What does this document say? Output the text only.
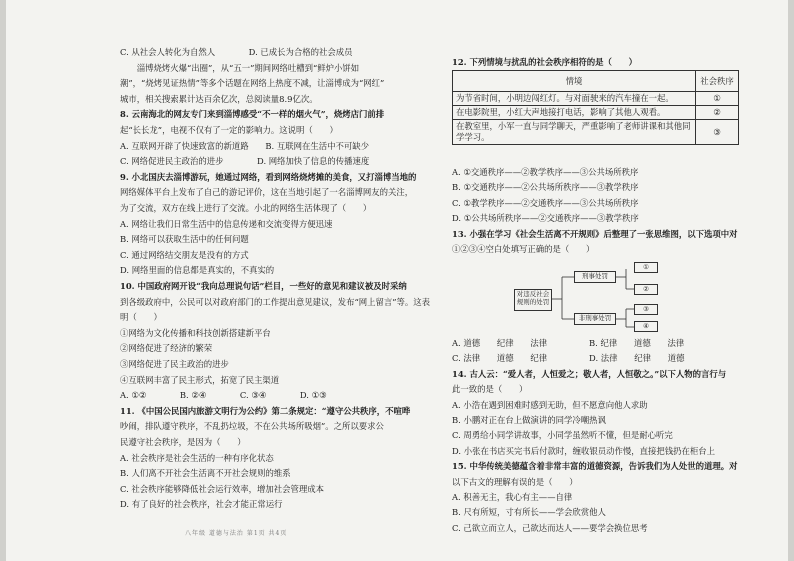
C. 从社会人转化为自然人　　　　D. 已成长为合格的社会成员
　　淄博烧烤火爆“出圈”，从“五一”期间网络吐槽到“鲜炉小饼如
潮”，“烧烤见证热情”等多个话题在网络上热度不减，让淄博成为“网红”
城市，相关搜索累计达百余亿次，总阅读量8.9亿次。
8. 云南海北的网友专门来到淄博感受“不一样的烟火气”，烧烤店门前排
起“长长龙”，电视不仅有了一定的影响力。这说明（　　）
A. 互联网开辟了快速致富的新道路　　B. 互联网在生活中不可缺少
C. 网络促进民主政治的进步　　　　D. 网络加快了信息的传播速度
9. 小北国庆去淄博游玩，她通过网络，看到网络烧烤摊的美食，又打淄博当地的
网络媒体平台上发布了自己的游记评价，这在当地引起了一名淄博网友的关注，
为了交流，双方在线上进行了交流。小北的网络生活体现了（　　）
A. 网络让我们日常生活中的信息传递和交流变得方便迅速
B. 网络可以获取生活中的任何问题
C. 通过网络结交朋友是没有的方式
D. 网络里面的信息都是真实的，不真实的
10. 中国政府网开设“我向总理说句话”栏目，一些好的意见和建议被及时采纳
到各级政府中，公民可以对政府部门的工作提出意见建议，发布“网上留言”等。这表
明（　　）
①网络为文化传播和科技创新搭建新平台
②网络促进了经济的繁荣
③网络促进了民主政治的进步
④互联网丰富了民主形式，拓宽了民主渠道
A. ①②　　　　B. ②④　　　　C. ③④　　　　D. ①③
11. 《中国公民国内旅游文明行为公约》第二条规定：“遵守公共秩序，不喧哗
吵闹，排队遵守秩序，不乱扔垃圾，不在公共场所吸烟”。之所以要求公
民遵守社会秩序，是因为（　　）
A. 社会秩序是社会生活的一种有序化状态
B. 人们离不开社会生活离不开社会规则的维系
C. 社会秩序能够降低社会运行效率，增加社会管理成本
D. 有了良好的社会秩序，社会才能正常运行
12. 下列情境与扰乱的社会秩序相符的是（　　）
情境	社会秩序
为节省时间，小明边闯红灯。与对面驶来的汽车撞在一起。	①
在电影院里，小红大声地接打电话，影响了其他人观看。	②
在教室里，小军一直与同学聊天，严重影响了老师讲课和其他同学学习。	③
对违反社会规则的处罚
刑事处罚
非刑事处罚
①
②
③
④
A. ①交通秩序——②教学秩序——③公共场所秩序
B. ①交通秩序——②公共场所秩序——③教学秩序
C. ①教学秩序——②交通秩序——③公共场所秩序
D. ①公共场所秩序——②交通秩序——③教学秩序
13. 小强在学习《社会生活离不开规则》后整理了一张思维图，以下选项中对
①②③④空白处填写正确的是（　　）
A. 道德　　纪律　　法律　　　　　B. 纪律　　道德　　法律
C. 法律　　道德　　纪律　　　　　D. 法律　　纪律　　道德
14. 古人云：“爱人者，人恒爱之；敬人者，人恒敬之。”以下人物的言行与
此一致的是（　　）
A. 小浩在遇到困难时感到无助，但不愿意向他人求助
B. 小鹏对正在台上做演讲的同学冷嘲热讽
C. 周勇给小同学讲故事，小同学虽然听不懂，但是耐心听完
D. 小张在书店买完书后付款时，缠收银员动作慢，直接把钱扔在柜台上
15. 中华传统美德蕴含着非常丰富的道德资源，告诉我们为人处世的道理。对
以下古文的理解有误的是（　　）
A. 积善无主，我心有主——自律
B. 尺有所短，寸有所长——学会欣赏他人
C. 己欲立而立人，己欲达而达人——要学会换位思考
八年级 道德与法治 第1页 共4页
